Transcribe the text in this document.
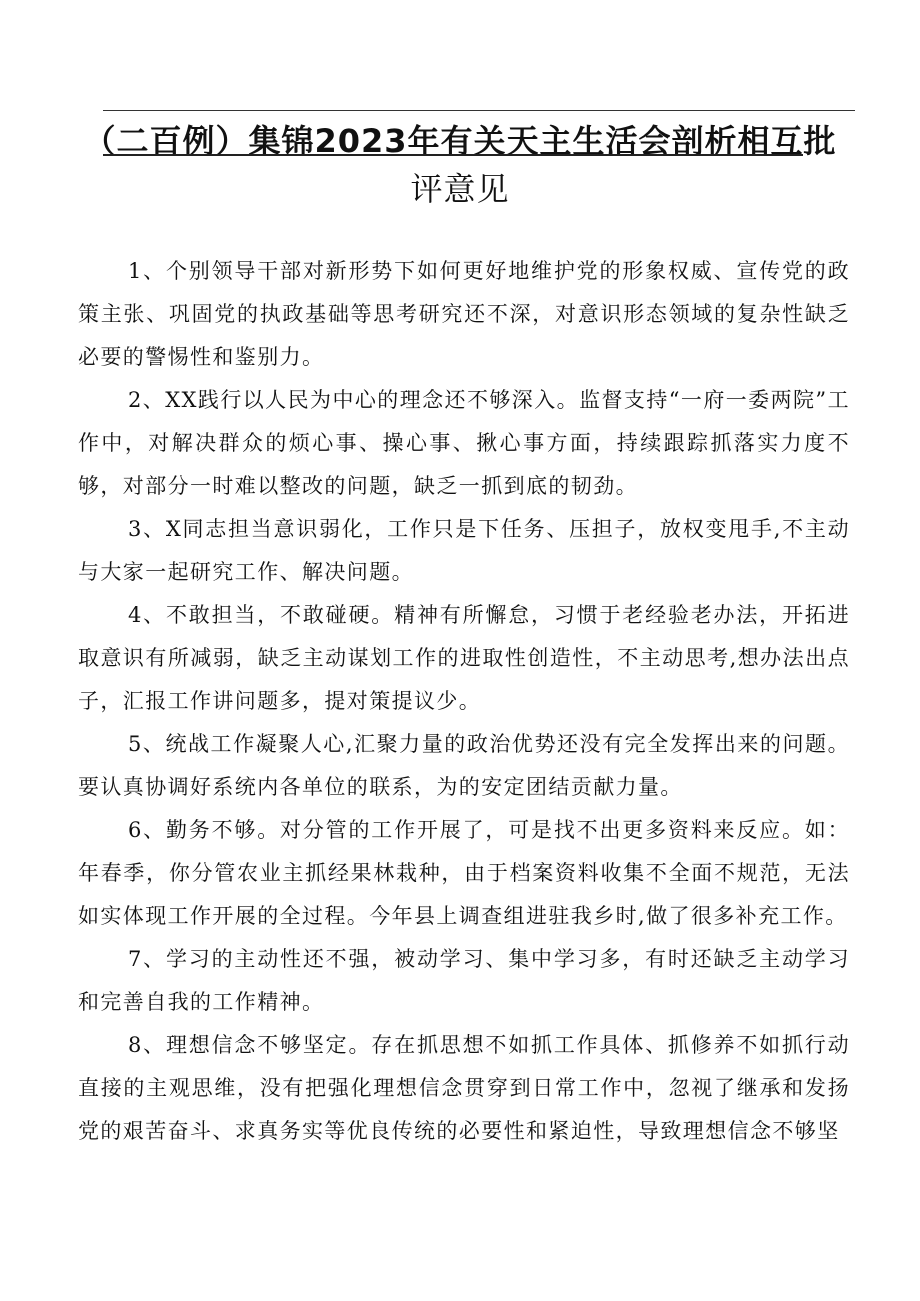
（二百例）集锦2023年有关天主生活会剖析相互批
评意见

1、个别领导干部对新形势下如何更好地维护党的形象权威、宣传党的政策主张、巩固党的执政基础等思考研究还不深，对意识形态领域的复杂性缺乏必要的警惕性和鉴别力。

2、XX践行以人民为中心的理念还不够深入。监督支持“一府一委两院”工作中，对解决群众的烦心事、操心事、揪心事方面，持续跟踪抓落实力度不够，对部分一时难以整改的问题，缺乏一抓到底的韧劲。

3、X同志担当意识弱化，工作只是下任务、压担子，放权变甩手,不主动与大家一起研究工作、解决问题。

4、不敢担当，不敢碰硬。精神有所懈怠，习惯于老经验老办法，开拓进取意识有所减弱，缺乏主动谋划工作的进取性创造性，不主动思考,想办法出点子，汇报工作讲问题多，提对策提议少。

5、统战工作凝聚人心,汇聚力量的政治优势还没有完全发挥出来的问题。要认真协调好系统内各单位的联系，为的安定团结贡献力量。

6、勤务不够。对分管的工作开展了，可是找不出更多资料来反应。如：年春季，你分管农业主抓经果林栽种，由于档案资料收集不全面不规范，无法如实体现工作开展的全过程。今年县上调查组进驻我乡时,做了很多补充工作。

7、学习的主动性还不强，被动学习、集中学习多，有时还缺乏主动学习和完善自我的工作精神。

8、理想信念不够坚定。存在抓思想不如抓工作具体、抓修养不如抓行动直接的主观思维，没有把强化理想信念贯穿到日常工作中，忽视了继承和发扬党的艰苦奋斗、求真务实等优良传统的必要性和紧迫性，导致理想信念不够坚
